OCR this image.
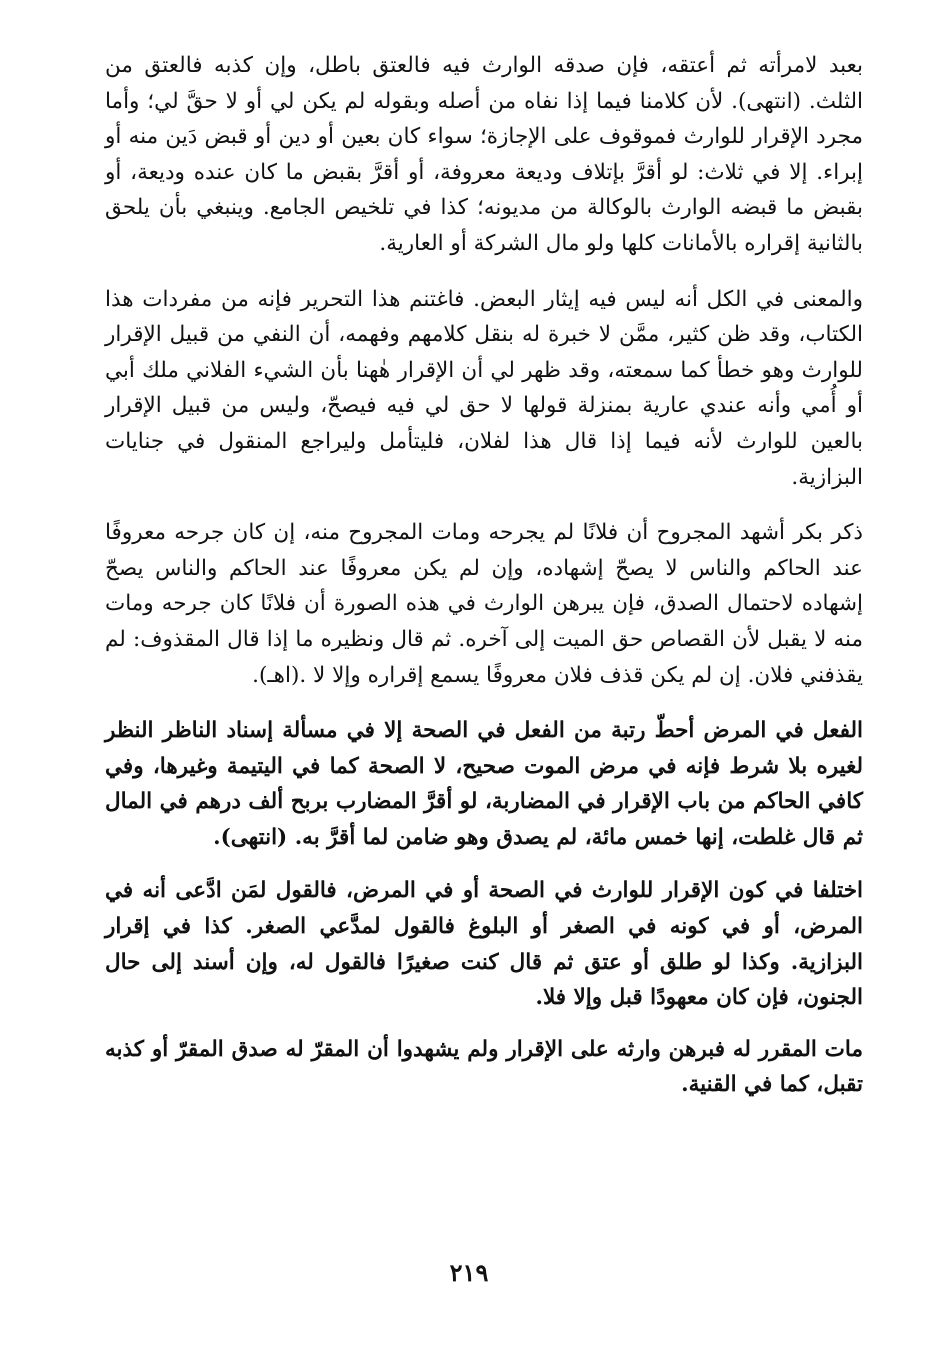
بعبد لامرأته ثم أعتقه، فإن صدقه الوارث فيه فالعتق باطل، وإن كذبه فالعتق من الثلث. (انتهى). لأن كلامنا فيما إذا نفاه من أصله وبقوله لم يكن لي أو لا حقَّ لي؛ وأما مجرد الإقرار للوارث فموقوف على الإجازة؛ سواء كان بعين أو دين أو قبض دَين منه أو إبراء. إلا في ثلاث: لو أقرَّ بإتلاف وديعة معروفة، أو أقرَّ بقبض ما كان عنده وديعة، أو بقبض ما قبضه الوارث بالوكالة من مديونه؛ كذا في تلخيص الجامع. وينبغي بأن يلحق بالثانية إقراره بالأمانات كلها ولو مال الشركة أو العارية.

والمعنى في الكل أنه ليس فيه إيثار البعض. فاغتنم هذا التحرير فإنه من مفردات هذا الكتاب، وقد ظن كثير، ممَّن لا خبرة له بنقل كلامهم وفهمه، أن النفي من قبيل الإقرار للوارث وهو خطأ كما سمعته، وقد ظهر لي أن الإقرار هٰهنا بأن الشيء الفلاني ملك أبي أو أُمي وأنه عندي عارية بمنزلة قولها لا حق لي فيه فيصحّ، وليس من قبيل الإقرار بالعين للوارث لأنه فيما إذا قال هذا لفلان، فليتأمل وليراجع المنقول في جنايات البزازية.

ذكر بكر أشهد المجروح أن فلانًا لم يجرحه ومات المجروح منه، إن كان جرحه معروفًا عند الحاكم والناس لا يصحّ إشهاده، وإن لم يكن معروفًا عند الحاكم والناس يصحّ إشهاده لاحتمال الصدق، فإن يبرهن الوارث في هذه الصورة أن فلانًا كان جرحه ومات منه لا يقبل لأن القصاص حق الميت إلى آخره. ثم قال ونظيره ما إذا قال المقذوف: لم يقذفني فلان. إن لم يكن قذف فلان معروفًا يسمع إقراره وإلا لا .(اهـ).

الفعل في المرض أحطّ رتبة من الفعل في الصحة إلا في مسألة إسناد الناظر النظر لغيره بلا شرط فإنه في مرض الموت صحيح، لا الصحة كما في اليتيمة وغيرها، وفي كافي الحاكم من باب الإقرار في المضاربة، لو أقرَّ المضارب بربح ألف درهم في المال ثم قال غلطت، إنها خمس مائة، لم يصدق وهو ضامن لما أقرَّ به. (انتهى).

اختلفا في كون الإقرار للوارث في الصحة أو في المرض، فالقول لمَن ادَّعى أنه في المرض، أو في كونه في الصغر أو البلوغ فالقول لمدَّعي الصغر. كذا في إقرار البزازية. وكذا لو طلق أو عتق ثم قال كنت صغيرًا فالقول له، وإن أسند إلى حال الجنون، فإن كان معهودًا قبل وإلا فلا.

مات المقرر له فبرهن وارثه على الإقرار ولم يشهدوا أن المقرّ له صدق المقرّ أو كذبه تقبل، كما في القنية.

٢١٩
